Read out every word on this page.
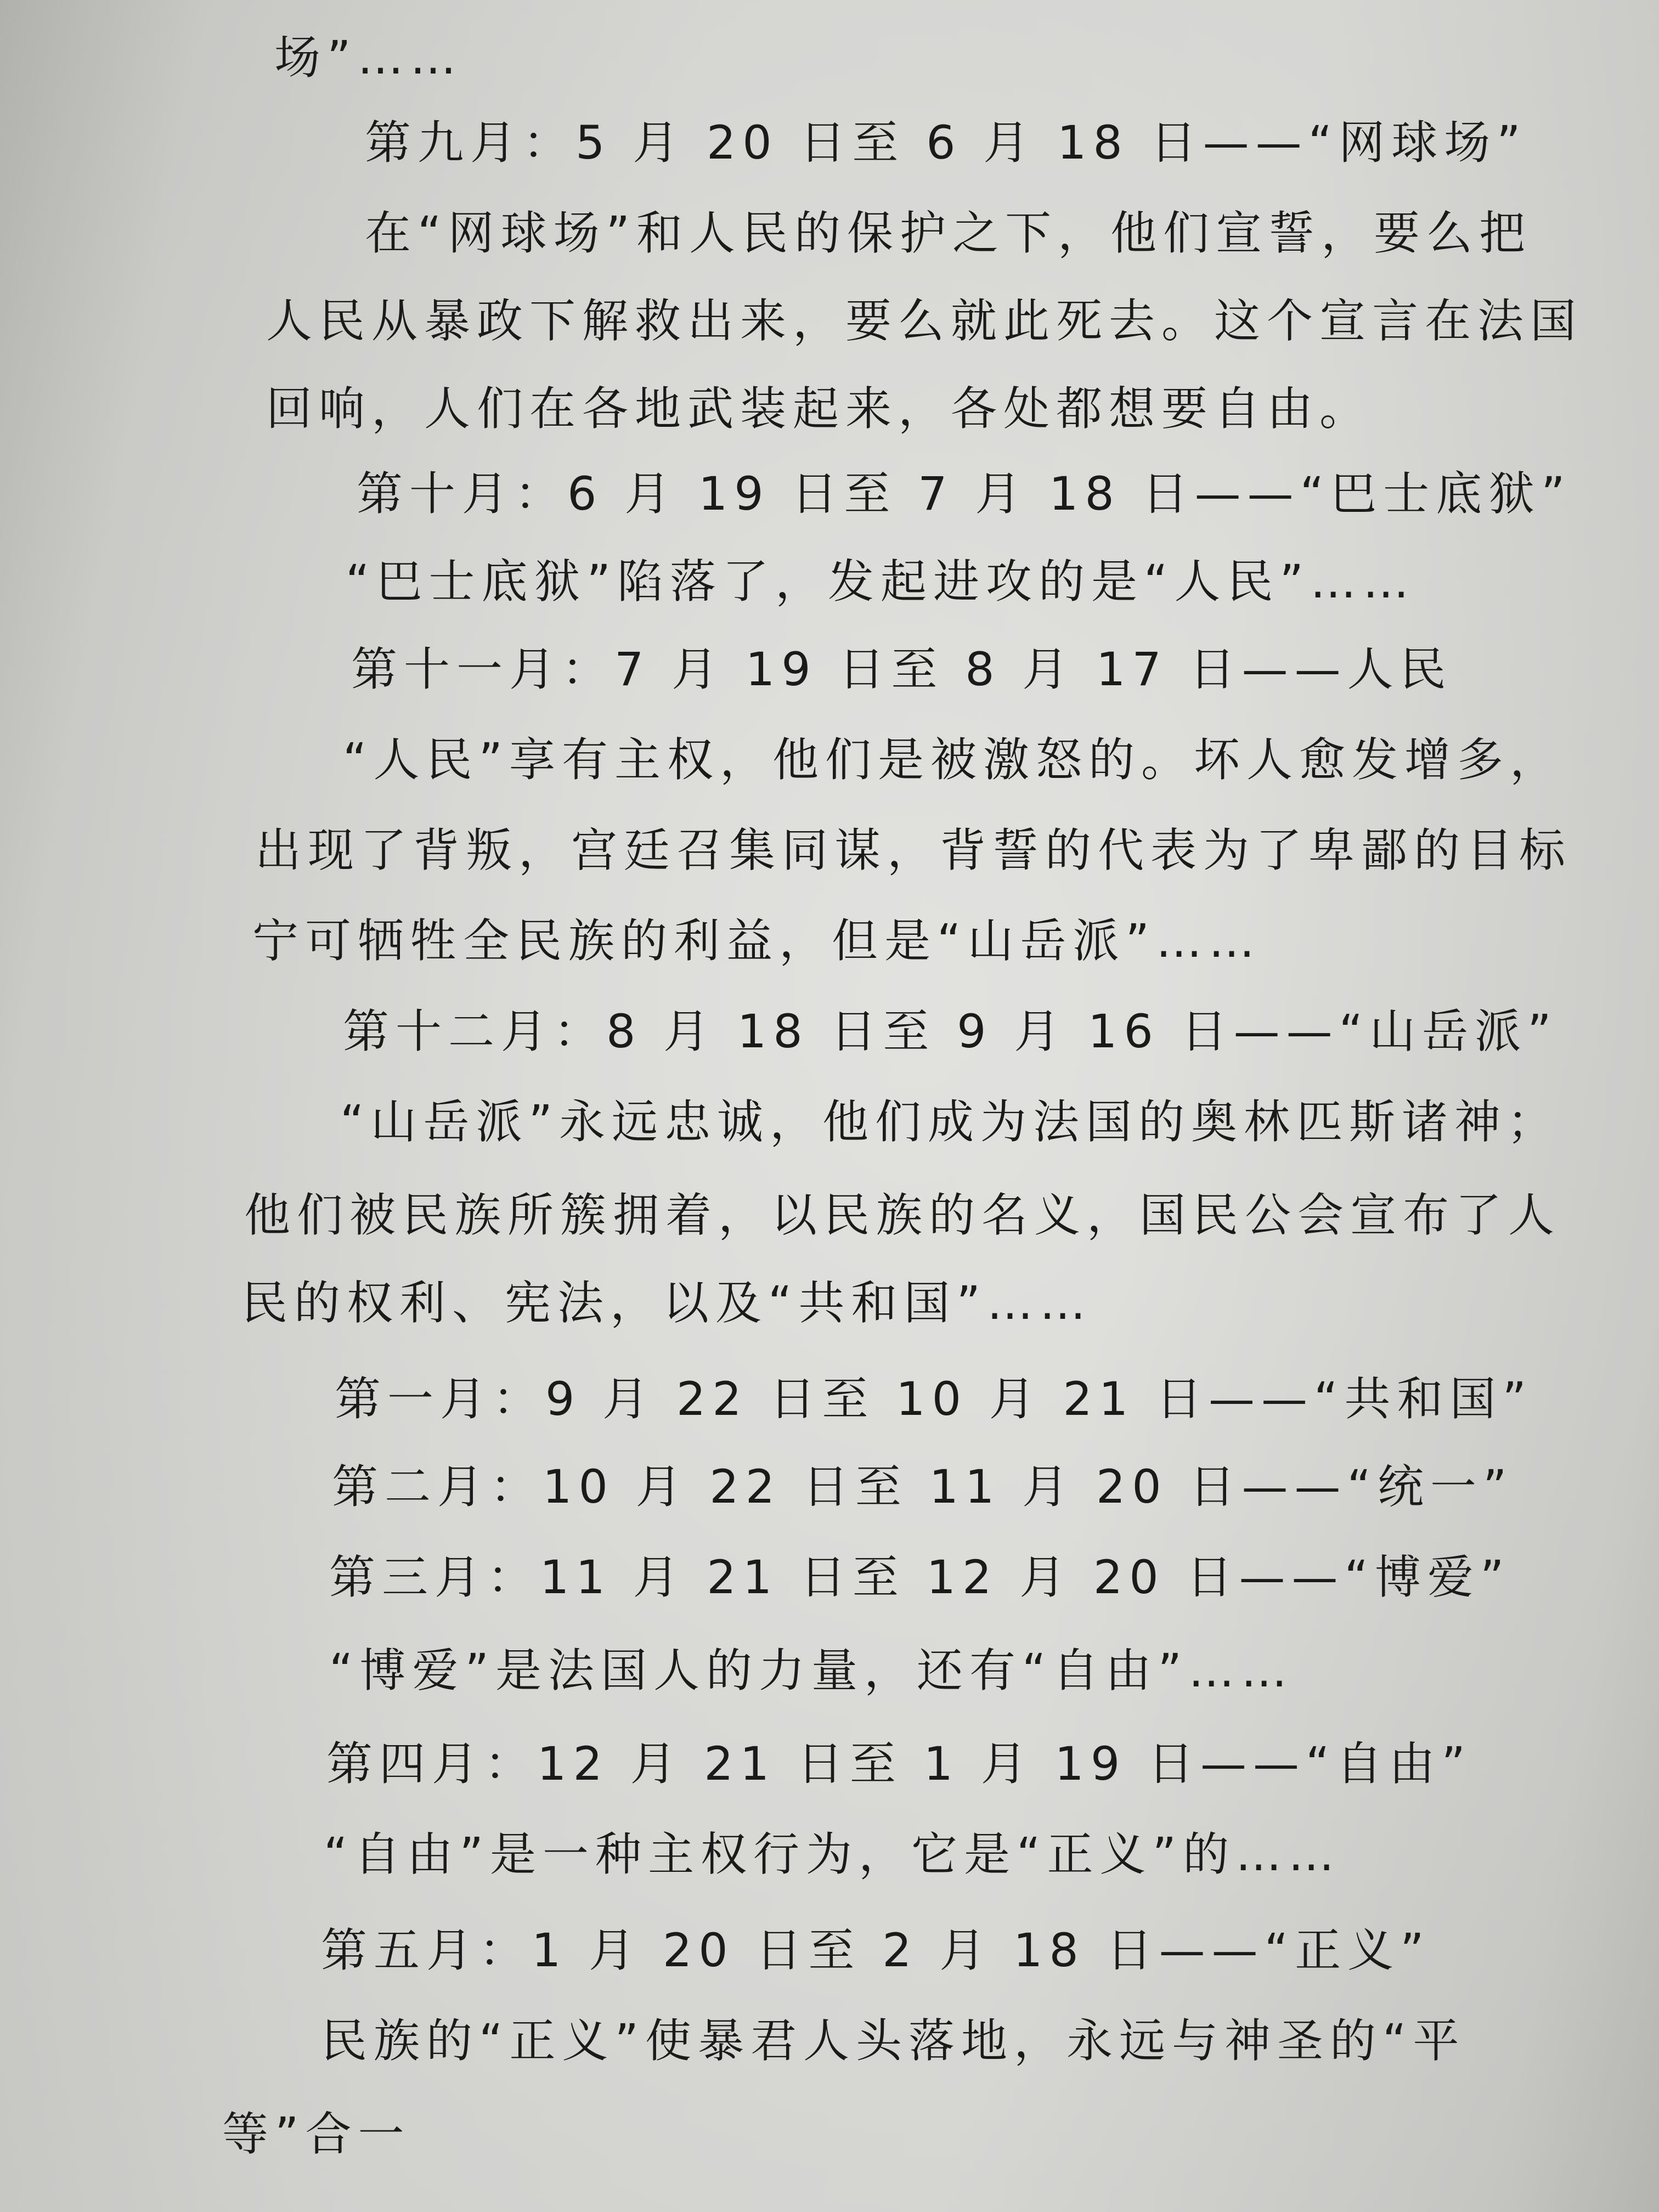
场”……
第九月：5 月 20 日至 6 月 18 日——“网球场”
在“网球场”和人民的保护之下，他们宣誓，要么把
人民从暴政下解救出来，要么就此死去。这个宣言在法国
回响，人们在各地武装起来，各处都想要自由。
第十月：6 月 19 日至 7 月 18 日——“巴士底狱”
“巴士底狱”陷落了，发起进攻的是“人民”……
第十一月：7 月 19 日至 8 月 17 日——人民
“人民”享有主权，他们是被激怒的。坏人愈发增多，
出现了背叛，宫廷召集同谋，背誓的代表为了卑鄙的目标
宁可牺牲全民族的利益，但是“山岳派”……
第十二月：8 月 18 日至 9 月 16 日——“山岳派”
“山岳派”永远忠诚，他们成为法国的奥林匹斯诸神；
他们被民族所簇拥着，以民族的名义，国民公会宣布了人
民的权利、宪法，以及“共和国”……
第一月：9 月 22 日至 10 月 21 日——“共和国”
第二月：10 月 22 日至 11 月 20 日——“统一”
第三月：11 月 21 日至 12 月 20 日——“博爱”
“博爱”是法国人的力量，还有“自由”……
第四月：12 月 21 日至 1 月 19 日——“自由”
“自由”是一种主权行为，它是“正义”的……
第五月：1 月 20 日至 2 月 18 日——“正义”
民族的“正义”使暴君人头落地，永远与神圣的“平
等”合一
